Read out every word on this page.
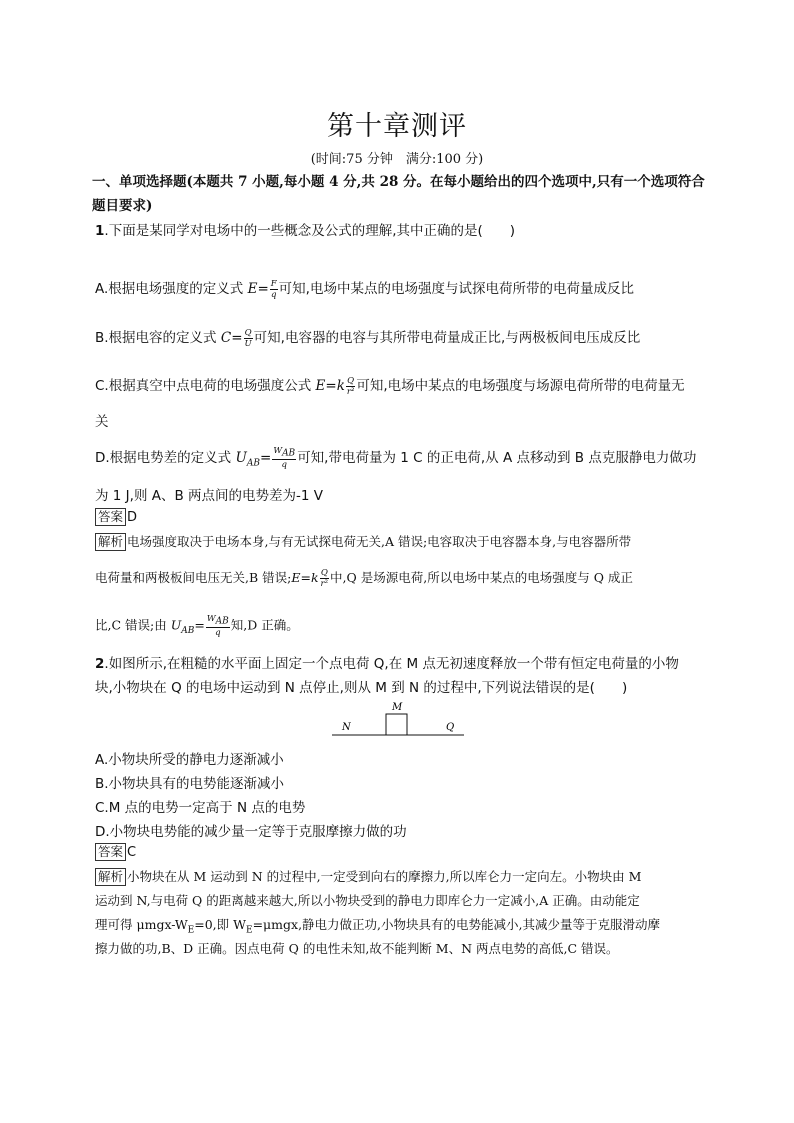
第十章测评
(时间:75 分钟　满分:100 分)
一、单项选择题(本题共 7 小题,每小题 4 分,共 28 分。在每小题给出的四个选项中,只有一个选项符合题目要求)
1.下面是某同学对电场中的一些概念及公式的理解,其中正确的是(　　)
A.根据电场强度的定义式 $E= \frac{F}{q}$ 可知,电场中某点的电场强度与试探电荷所带的电荷量成反比
B.根据电容的定义式 $C= \frac{Q}{U}$ 可知,电容器的电容与其所带电荷量成正比,与两极板间电压成反比
C.根据真空中点电荷的电场强度公式 $E=k \frac{Q}{\text{r²}}$ 可知,电场中某点的电场强度与场源电荷所带的电荷量无
关
D.根据电势差的定义式 $U_{AB}= \frac{W_{AB}}{q}$ 可知,带电荷量为 1 C 的正电荷,从 A 点移动到 B 点克服静电力做功
为 1 J,则 A、B 两点间的电势差为-1 V
答案 D
解析 电场强度取决于电场本身,与有无试探电荷无关,A 错误;电容取决于电容器本身,与电容器所带
电荷量和两极板间电压无关,B 错误;E=k $\frac{Q}{\text{r²}}$ 中,Q 是场源电荷,所以电场中某点的电场强度与 Q 成正
比,C 错误;由 $U_{AB}= \frac{W_{AB}}{q}$ 知,D 正确。
2.如图所示,在粗糙的水平面上固定一个点电荷 Q,在 M 点无初速度释放一个带有恒定电荷量的小物
块,小物块在 Q 的电场中运动到 N 点停止,则从 M 到 N 的过程中,下列说法错误的是(　　)
M
N	Q
A.小物块所受的静电力逐渐减小
B.小物块具有的电势能逐渐减小
C.M 点的电势一定高于 N 点的电势
D.小物块电势能的减少量一定等于克服摩擦力做的功
答案 C
解析 小物块在从 M 运动到 N 的过程中,一定受到向右的摩擦力,所以库仑力一定向左。小物块由 M
运动到 N,与电荷 Q 的距离越来越大,所以小物块受到的静电力即库仑力一定减小,A 正确。由动能定
理可得 μmgx-$W_E=0$,即 $W_E=\mu mgx$,静电力做正功,小物块具有的电势能减小,其减少量等于克服滑动摩
擦力做的功,B、D 正确。因点电荷 Q 的电性未知,故不能判断 M、N 两点电势的高低,C 错误。
